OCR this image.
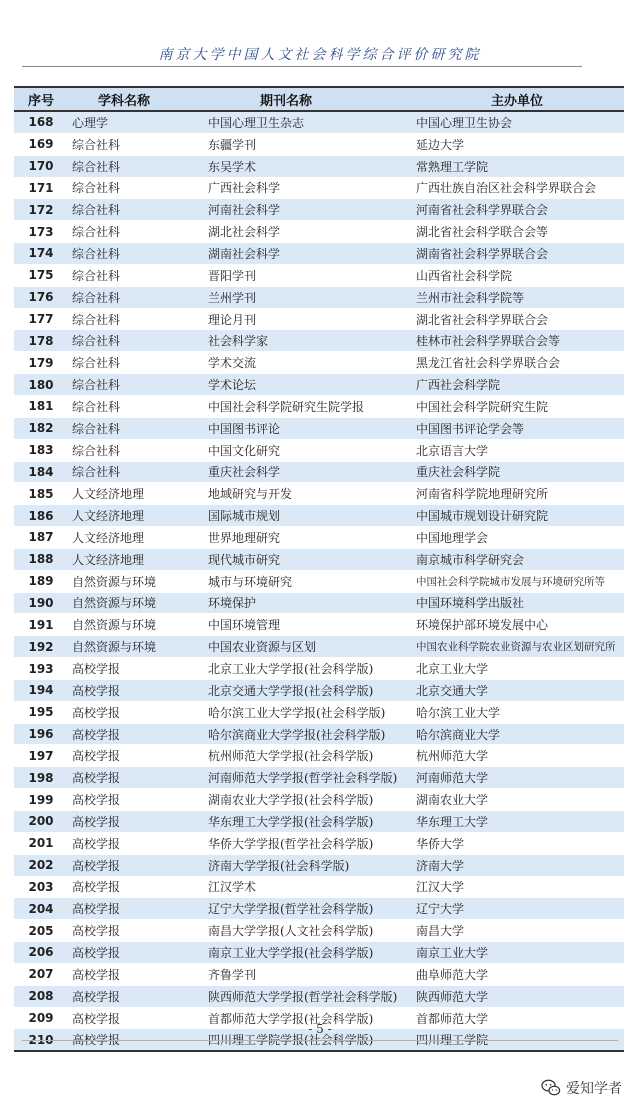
南京大学中国人文社会科学综合评价研究院
序号	学科名称	期刊名称	主办单位
168	心理学	中国心理卫生杂志	中国心理卫生协会
169	综合社科	东疆学刊	延边大学
170	综合社科	东吴学术	常熟理工学院
171	综合社科	广西社会科学	广西壮族自治区社会科学界联合会
172	综合社科	河南社会科学	河南省社会科学界联合会
173	综合社科	湖北社会科学	湖北省社会科学联合会等
174	综合社科	湖南社会科学	湖南省社会科学界联合会
175	综合社科	晋阳学刊	山西省社会科学院
176	综合社科	兰州学刊	兰州市社会科学院等
177	综合社科	理论月刊	湖北省社会科学界联合会
178	综合社科	社会科学家	桂林市社会科学界联合会等
179	综合社科	学术交流	黑龙江省社会科学界联合会
180	综合社科	学术论坛	广西社会科学院
181	综合社科	中国社会科学院研究生院学报	中国社会科学院研究生院
182	综合社科	中国图书评论	中国图书评论学会等
183	综合社科	中国文化研究	北京语言大学
184	综合社科	重庆社会科学	重庆社会科学院
185	人文经济地理	地域研究与开发	河南省科学院地理研究所
186	人文经济地理	国际城市规划	中国城市规划设计研究院
187	人文经济地理	世界地理研究	中国地理学会
188	人文经济地理	现代城市研究	南京城市科学研究会
189	自然资源与环境	城市与环境研究	中国社会科学院城市发展与环境研究所等
190	自然资源与环境	环境保护	中国环境科学出版社
191	自然资源与环境	中国环境管理	环境保护部环境发展中心
192	自然资源与环境	中国农业资源与区划	中国农业科学院农业资源与农业区划研究所
193	高校学报	北京工业大学学报(社会科学版)	北京工业大学
194	高校学报	北京交通大学学报(社会科学版)	北京交通大学
195	高校学报	哈尔滨工业大学学报(社会科学版)	哈尔滨工业大学
196	高校学报	哈尔滨商业大学学报(社会科学版)	哈尔滨商业大学
197	高校学报	杭州师范大学学报(社会科学版)	杭州师范大学
198	高校学报	河南师范大学学报(哲学社会科学版)	河南师范大学
199	高校学报	湖南农业大学学报(社会科学版)	湖南农业大学
200	高校学报	华东理工大学学报(社会科学版)	华东理工大学
201	高校学报	华侨大学学报(哲学社会科学版)	华侨大学
202	高校学报	济南大学学报(社会科学版)	济南大学
203	高校学报	江汉学术	江汉大学
204	高校学报	辽宁大学学报(哲学社会科学版)	辽宁大学
205	高校学报	南昌大学学报(人文社会科学版)	南昌大学
206	高校学报	南京工业大学学报(社会科学版)	南京工业大学
207	高校学报	齐鲁学刊	曲阜师范大学
208	高校学报	陕西师范大学学报(哲学社会科学版)	陕西师范大学
209	高校学报	首都师范大学学报(社会科学版)	首都师范大学
210	高校学报	四川理工学院学报(社会科学版)	四川理工学院
- 5 -
爱知学者
